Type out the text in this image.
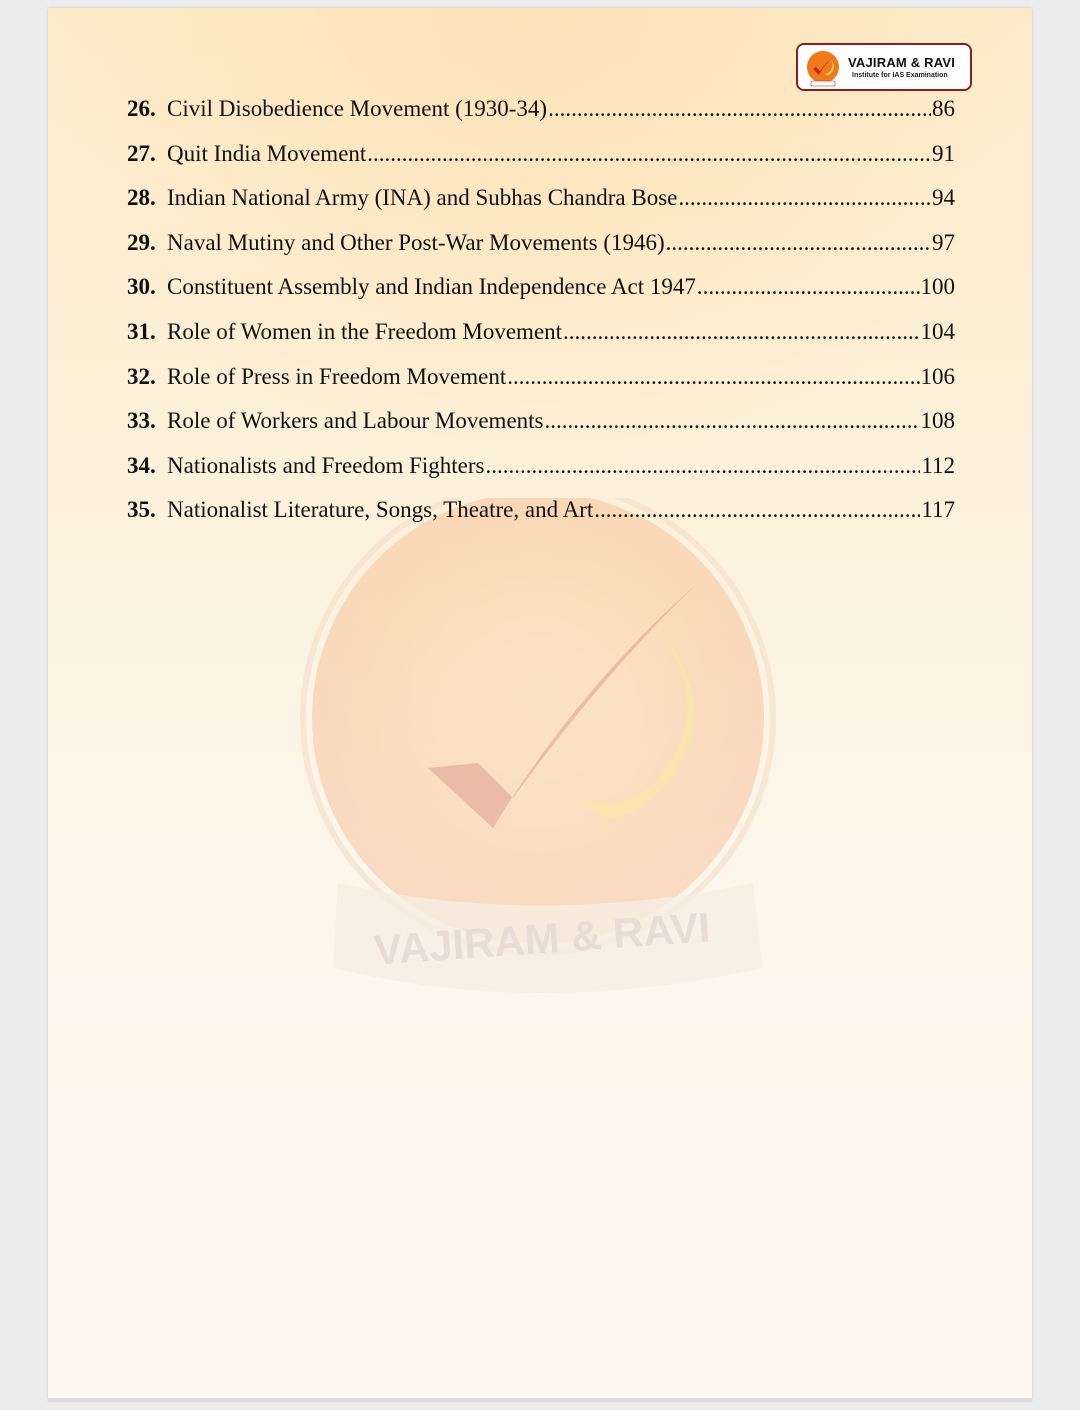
VAJIRAM & RAVI
VAJIRAM & RAVI
Institute for IAS Examination
26. Civil Disobedience Movement (1930-34) .....	86
27. Quit India Movement .....	91
28. Indian National Army (INA) and Subhas Chandra Bose .....	94
29. Naval Mutiny and Other Post-War Movements (1946) .....	97
30. Constituent Assembly and Indian Independence Act 1947 .....	100
31. Role of Women in the Freedom Movement .....	104
32. Role of Press in Freedom Movement .....	106
33. Role of Workers and Labour Movements .....	108
34. Nationalists and Freedom Fighters .....	112
35. Nationalist Literature, Songs, Theatre, and Art .....	117
